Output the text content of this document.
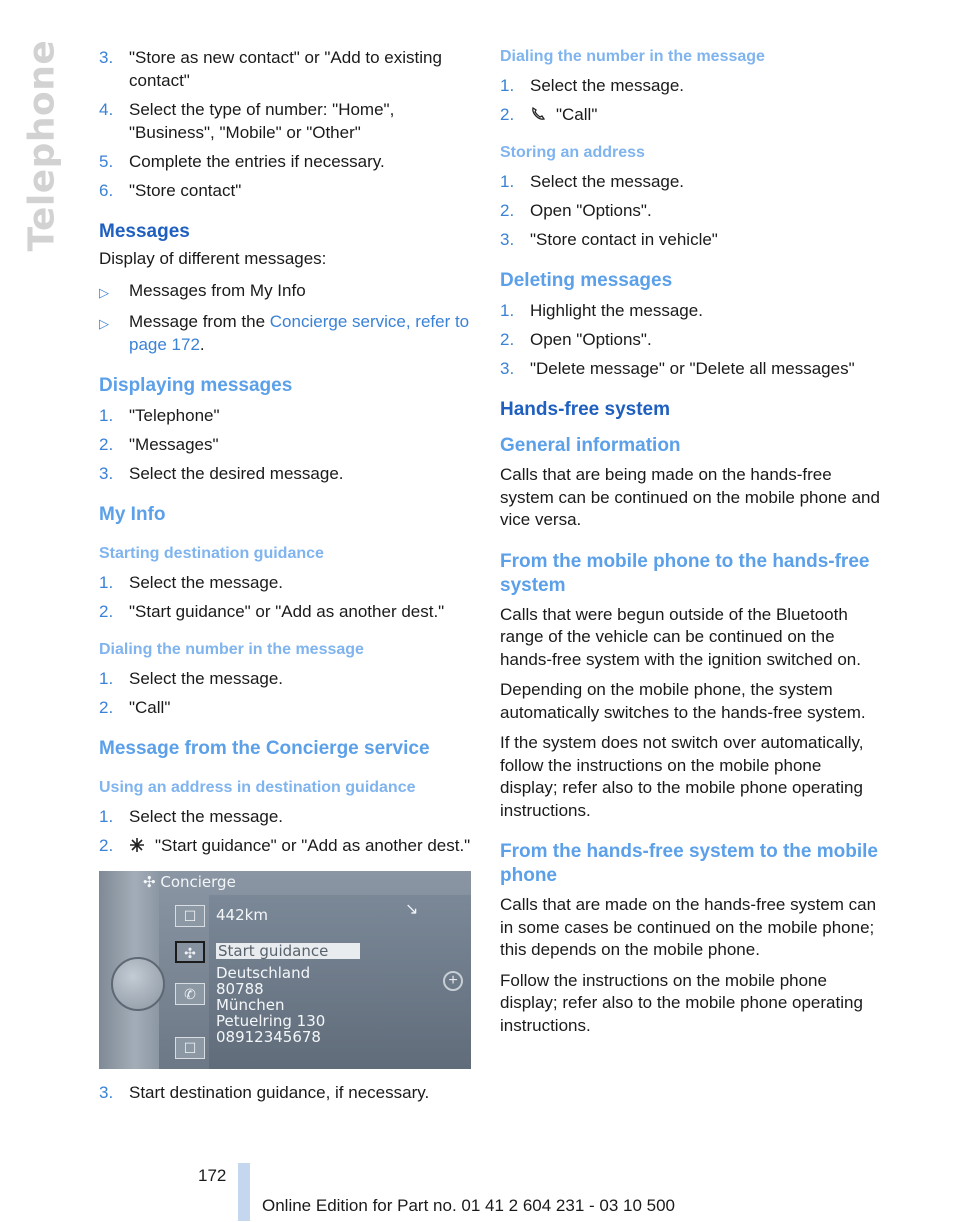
Telephone 3. "Store as new contact" or "Add to existing contact"
4. Select the type of number: "Home", "Business", "Mobile" or "Other"
5. Complete the entries if necessary.
6. "Store contact"
Messages
Display of different messages:
▷	Messages from My Info
▷	Message from the Concierge service, refer to page 172.
Displaying messages
1. "Telephone"
2. "Messages"
3. Select the desired message.
My Info
Starting destination guidance
1. Select the message.
2. "Start guidance" or "Add as another dest."
Dialing the number in the message
1. Select the message.
2. "Call"
Message from the Concierge service
Using an address in destination guidance
1. Select the message.
2.	"Start guidance" or "Add as another dest."
✣ Concierge
☐
✣
✆
☐
442km	↘
Start guidance
Deutschland
80788
München
Petuelring 130
08912345678
+
3. Start destination guidance, if necessary.
Dialing the number in the message
1. Select the message.
2.	"Call"
Storing an address
1. Select the message.
2. Open "Options".
3. "Store contact in vehicle"
Deleting messages
1. Highlight the message.
2. Open "Options".
3. "Delete message" or "Delete all messages"
Hands-free system
General information
Calls that are being made on the hands-free system can be continued on the mobile phone and vice versa.
From the mobile phone to the hands-free system
Calls that were begun outside of the Bluetooth range of the vehicle can be continued on the hands-free system with the ignition switched on.
Depending on the mobile phone, the system automatically switches to the hands-free system.
If the system does not switch over automatically, follow the instructions on the mobile phone display; refer also to the mobile phone operating instructions.
From the hands-free system to the mobile phone
Calls that are made on the hands-free system can in some cases be continued on the mobile phone; this depends on the mobile phone.
Follow the instructions on the mobile phone display; refer also to the mobile phone operating instructions.
172
Online Edition for Part no. 01 41 2 604 231 - 03 10 500
